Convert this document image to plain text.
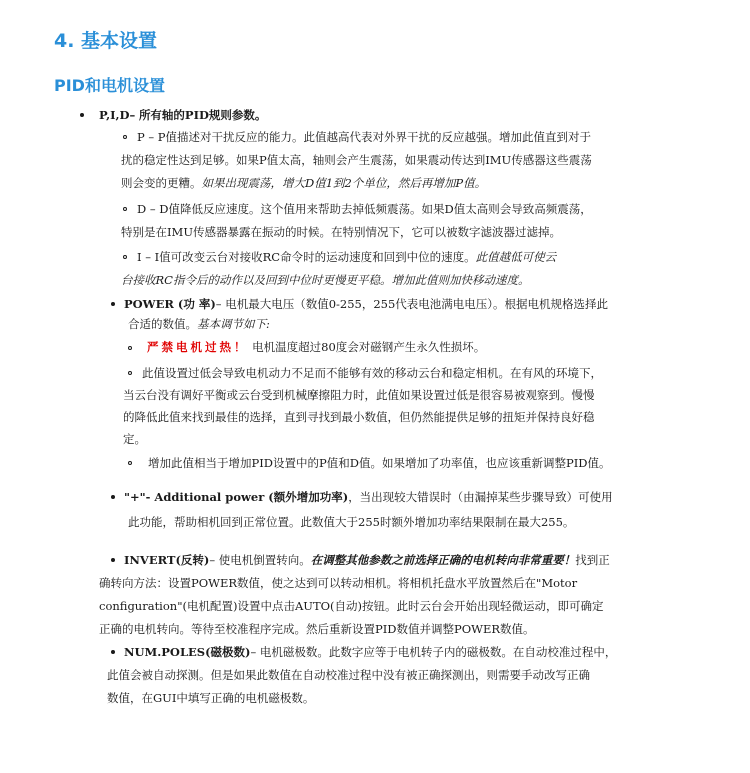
4. 基本设置
PID和电机设置
P,I,D– 所有轴的PID规则参数。
P – P值描述对干扰反应的能力。此值越高代表对外界干扰的反应越强。增加此值直到对于
扰的稳定性达到足够。如果P值太高，轴则会产生震荡，如果震动传达到IMU传感器这些震荡
则会变的更糟。如果出现震荡，增大D值1到2个单位，然后再增加P值。
D – D值降低反应速度。这个值用来帮助去掉低频震荡。如果D值太高则会导致高频震荡，
特别是在IMU传感器暴露在振动的时候。在特别情况下，它可以被数字滤波器过滤掉。
I – I值可改变云台对接收RC命令时的运动速度和回到中位的速度。此值越低可使云
台接收RC指令后的动作以及回到中位时更慢更平稳。增加此值则加快移动速度。
POWER (功 率)– 电机最大电压（数值0-255，255代表电池满电电压）。根据电机规格选择此
合适的数值。基本调节如下:
严禁电机过热！ 电机温度超过80度会对磁钢产生永久性损坏。
此值设置过低会导致电机动力不足而不能够有效的移动云台和稳定相机。在有风的环境下，
当云台没有调好平衡或云台受到机械摩擦阻力时，此值如果设置过低是很容易被观察到。慢慢
的降低此值来找到最佳的选择，直到寻找到最小数值，但仍然能提供足够的扭矩并保持良好稳
定。
增加此值相当于增加PID设置中的P值和D值。如果增加了功率值，也应该重新调整PID值。
"+"- Additional power (额外增加功率)，当出现较大错误时（由漏掉某些步骤导致）可使用
此功能，帮助相机回到正常位置。此数值大于255时额外增加功率结果限制在最大255。
INVERT(反转)– 使电机倒置转向。在调整其他参数之前选择正确的电机转向非常重要！找到正
确转向方法：设置POWER数值，使之达到可以转动相机。将相机托盘水平放置然后在"Motor
configuration"(电机配置)设置中点击AUTO(自动)按钮。此时云台会开始出现轻微运动，即可确定
正确的电机转向。等待至校准程序完成。然后重新设置PID数值并调整POWER数值。
NUM.POLES(磁极数)– 电机磁极数。此数字应等于电机转子内的磁极数。在自动校准过程中，
此值会被自动探测。但是如果此数值在自动校准过程中没有被正确探测出，则需要手动改写正确
数值，在GUI中填写正确的电机磁极数。
